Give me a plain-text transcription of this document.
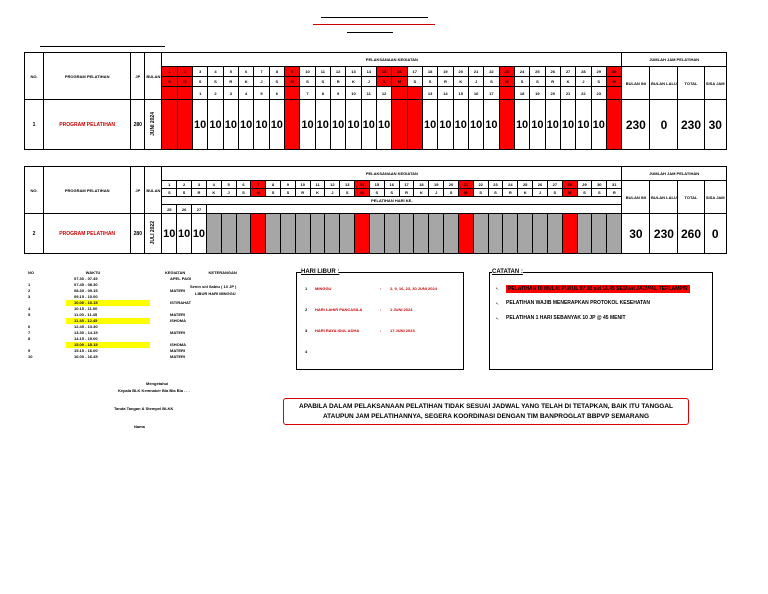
NO.	PROGRAM PELATIHAN	JP	BULAN	PELAKSANAAN KEGIATAN																														JUMLAH JAM PELATIHAN			
				1	2	3	4	5	6	7	8	9	10	11	12	13	14	15	16	17	18	19	20	21	22	23	24	25	26	27	28	29	30	BULAN INI	BULAN LALU	TOTAL	SISA JAM
				S	M	S	S	R	K	J	S	M	S	S	R	K	J	S	M	S	S	R	K	J	S	M	S	S	R	K	J	S	M				
						1	2	3	4	5	6		7	8	9	10	11	12			13	14	15	16	17		18	19	20	21	22	23					
1	PROGRAM PELATIHAN	280	JUNI 2024			10	10	10	10	10	10		10	10	10	10	10	10			10	10	10	10	10		10	10	10	10	10	10		230	0	230	30
NO.	PROGRAM PELATIHAN	JP	BULAN	PELAKSANAAN KEGIATAN																															JUMLAH JAM PELATIHAN			
				1	2	3	4	5	6	7	8	9	10	11	12	13	14	15	16	17	18	19	20	21	22	23	24	25	26	27	28	29	30	31	BULAN INI	BULAN LALU	TOTAL	SISA JAM
				S	S	R	K	J	S	M	S	S	R	K	J	S	M	S	S	R	K	J	S	M	S	S	R	K	J	S	M	S	S	R				
				PELATIHAN HARI KE-																																		
				25	26	27																																
2	PROGRAM PELATIHAN	280	JULI 2022	10	10	10																													30	230	260	0
NO	WAKTU	KEGIATAN	KETERANGAN
07.30 - 07.45	APEL PAGI
1	07.45 - 08.30
2	08.30 - 09.15	MATERI
3	09.15 - 10.00
10.00 - 10.15	ISTIRAHAT
4	10.15 - 11.00
5	11.00 - 11.45	MATERI
11.45 - 12.45	ISHOMA
6	12.45 - 13.30
7	13.30 - 14.15	MATERI
8	14.15 - 15.00
15.00 - 15.15	ISHOMA
9	15.15 - 16.00	MATERI
10	16.00 - 16.45	MATERI
Senin s/d Sabtu ( 10 JP )
LIBUR HARI MINGGU
Mengetahui
Kepala BLK Kemnaker Bla Bla Bla . . .
Tanda Tangan & Stempel BLKK
Nama
HARI LIBUR :
1 MINGGU	: 2, 9, 16, 23, 30 JUNI 2024
2 HARI LAHIR PANCASILA	: 1 JUNI 2024
3 HARI RAYA IDUL ADHA	: 17 JUNI 2023
4
CATATAN :
*.	PELATIHAN DI MULAI PUKUL 07.30 s/d 16.45 SESUAI JADWAL TERLAMPIR
*. PELATIHAN WAJIB MENERAPKAN PROTOKOL KESEHATAN
*. PELATIHAN 1 HARI SEBANYAK 10 JP @ 45 MENIT
APABILA DALAM PELAKSANAAN PELATIHAN TIDAK SESUAI JADWAL YANG TELAH DI TETAPKAN, BAIK ITU TANGGAL
ATAUPUN JAM PELATIHANNYA, SEGERA KOORDINASI DENGAN TIM BANPROGLAT BBPVP SEMARANG
